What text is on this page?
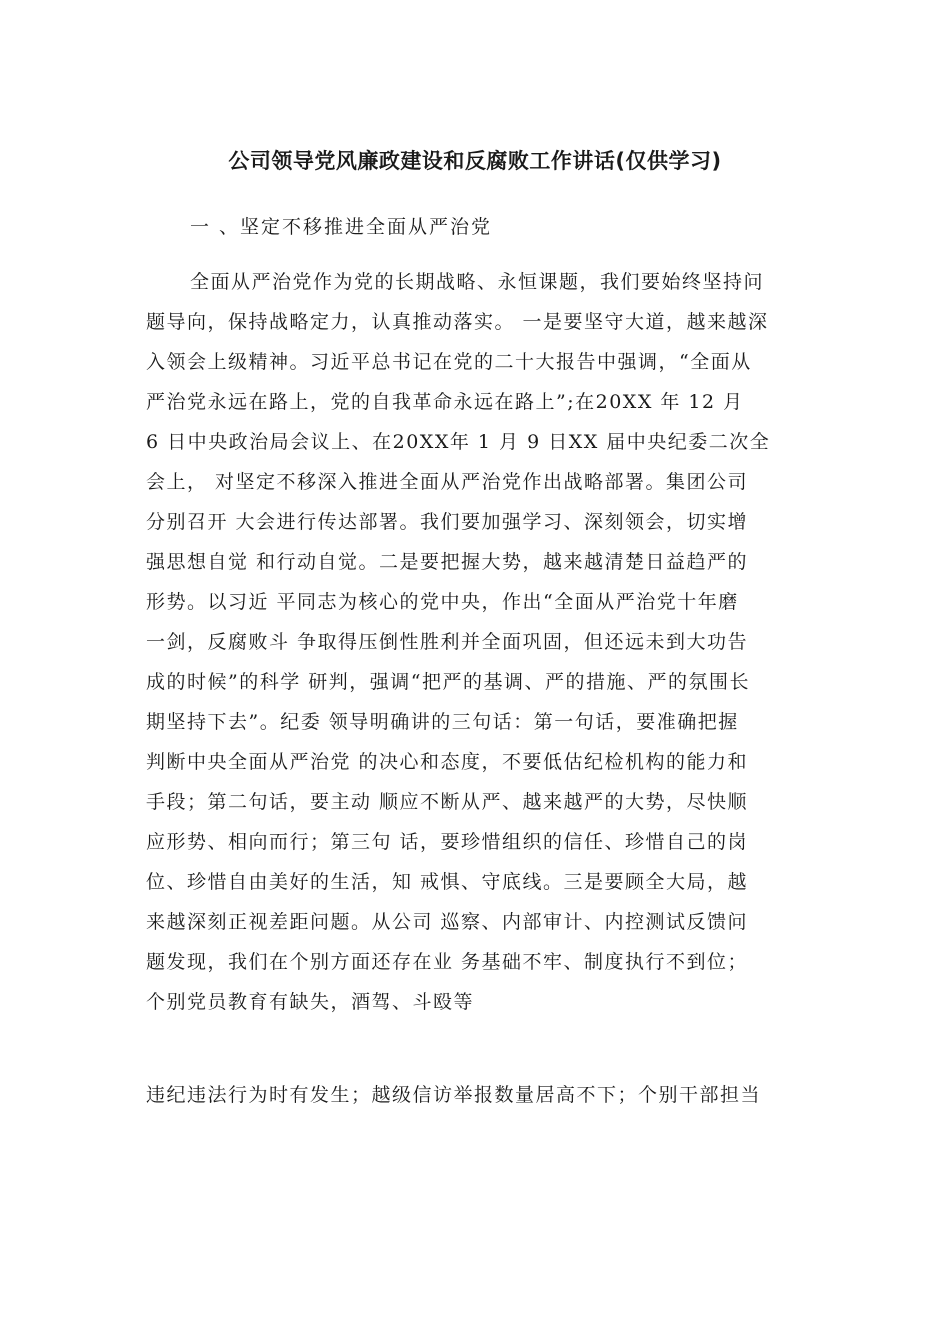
公司领导党风廉政建设和反腐败工作讲话(仅供学习)
一 、坚定不移推进全面从严治党
全面从严治党作为党的长期战略、永恒课题，我们要始终坚持问
题导向，保持战略定力，认真推动落实。 一是要坚守大道，越来越深
入领会上级精神。习近平总书记在党的二十大报告中强调，“全面从
严治党永远在路上，党的自我革命永远在路上”;在20XX 年 12 月
6 日中央政治局会议上、在20XX年 1 月 9 日XX 届中央纪委二次全
会上， 对坚定不移深入推进全面从严治党作出战略部署。集团公司
分别召开 大会进行传达部署。我们要加强学习、深刻领会，切实增
强思想自觉 和行动自觉。二是要把握大势，越来越清楚日益趋严的
形势。以习近 平同志为核心的党中央，作出“全面从严治党十年磨
一剑，反腐败斗 争取得压倒性胜利并全面巩固，但还远未到大功告
成的时候”的科学 研判，强调“把严的基调、严的措施、严的氛围长
期坚持下去”。纪委 领导明确讲的三句话：第一句话，要准确把握
判断中央全面从严治党 的决心和态度，不要低估纪检机构的能力和
手段；第二句话，要主动 顺应不断从严、越来越严的大势，尽快顺
应形势、相向而行；第三句 话，要珍惜组织的信任、珍惜自己的岗
位、珍惜自由美好的生活，知 戒惧、守底线。三是要顾全大局，越
来越深刻正视差距问题。从公司 巡察、内部审计、内控测试反馈问
题发现，我们在个别方面还存在业 务基础不牢、制度执行不到位；
个别党员教育有缺失，酒驾、斗殴等
违纪违法行为时有发生；越级信访举报数量居高不下；个别干部担当
